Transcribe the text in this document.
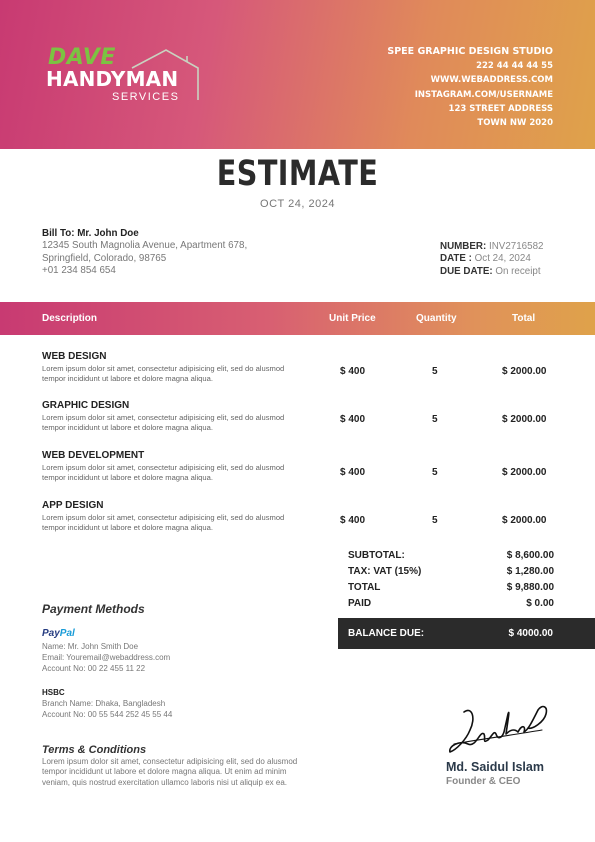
DAVE
HANDYMAN
SERVICES
SPEE GRAPHIC DESIGN STUDIO
222 44 44 44 55
WWW.WEBADDRESS.COM
INSTAGRAM.COM/USERNAME
123 STREET ADDRESS
TOWN NW 2020
ESTIMATE
OCT 24, 2024
Bill To: Mr. John Doe
12345 South Magnolia Avenue, Apartment 678,
Springfield, Colorado, 98765
+01 234 854 654
NUMBER: INV2716582
DATE : Oct 24, 2024
DUE DATE: On receipt
Description	Unit Price	Quantity	Total
WEB DESIGN
Lorem ipsum dolor sit amet, consectetur adipisicing elit, sed do alusmod tempor incididunt ut labore et dolore magna aliqua.
$ 400	5	$ 2000.00
GRAPHIC DESIGN
Lorem ipsum dolor sit amet, consectetur adipisicing elit, sed do alusmod tempor incididunt ut labore et dolore magna aliqua.
$ 400	5	$ 2000.00
WEB DEVELOPMENT
Lorem ipsum dolor sit amet, consectetur adipisicing elit, sed do alusmod tempor incididunt ut labore et dolore magna aliqua.	$ 400	5	$ 2000.00
APP DESIGN
Lorem ipsum dolor sit amet, consectetur adipisicing elit, sed do alusmod tempor incididunt ut labore et dolore magna aliqua.
$ 400	5	$ 2000.00
SUBTOTAL:	$ 8,600.00
TAX: VAT (15%)	$ 1,280.00
TOTAL	$ 9,880.00
PAID	$ 0.00
BALANCE DUE:	$ 4000.00
Payment Methods
PayPal
Name: Mr. John Smith Doe
Email: Youremail@webaddress.com
Account No: 00 22 455 11 22
HSBC
Branch Name: Dhaka, Bangladesh
Account No: 00 55 544 252 45 55 44
Terms & Conditions
Lorem ipsum dolor sit amet, consectetur adipisicing elit, sed do alusmod tempor incididunt ut labore et dolore magna aliqua. Ut enim ad minim veniam, quis nostrud exercitation ullamco laboris nisi ut aliquip ex ea.
Md. Saidul Islam
Founder & CEO
